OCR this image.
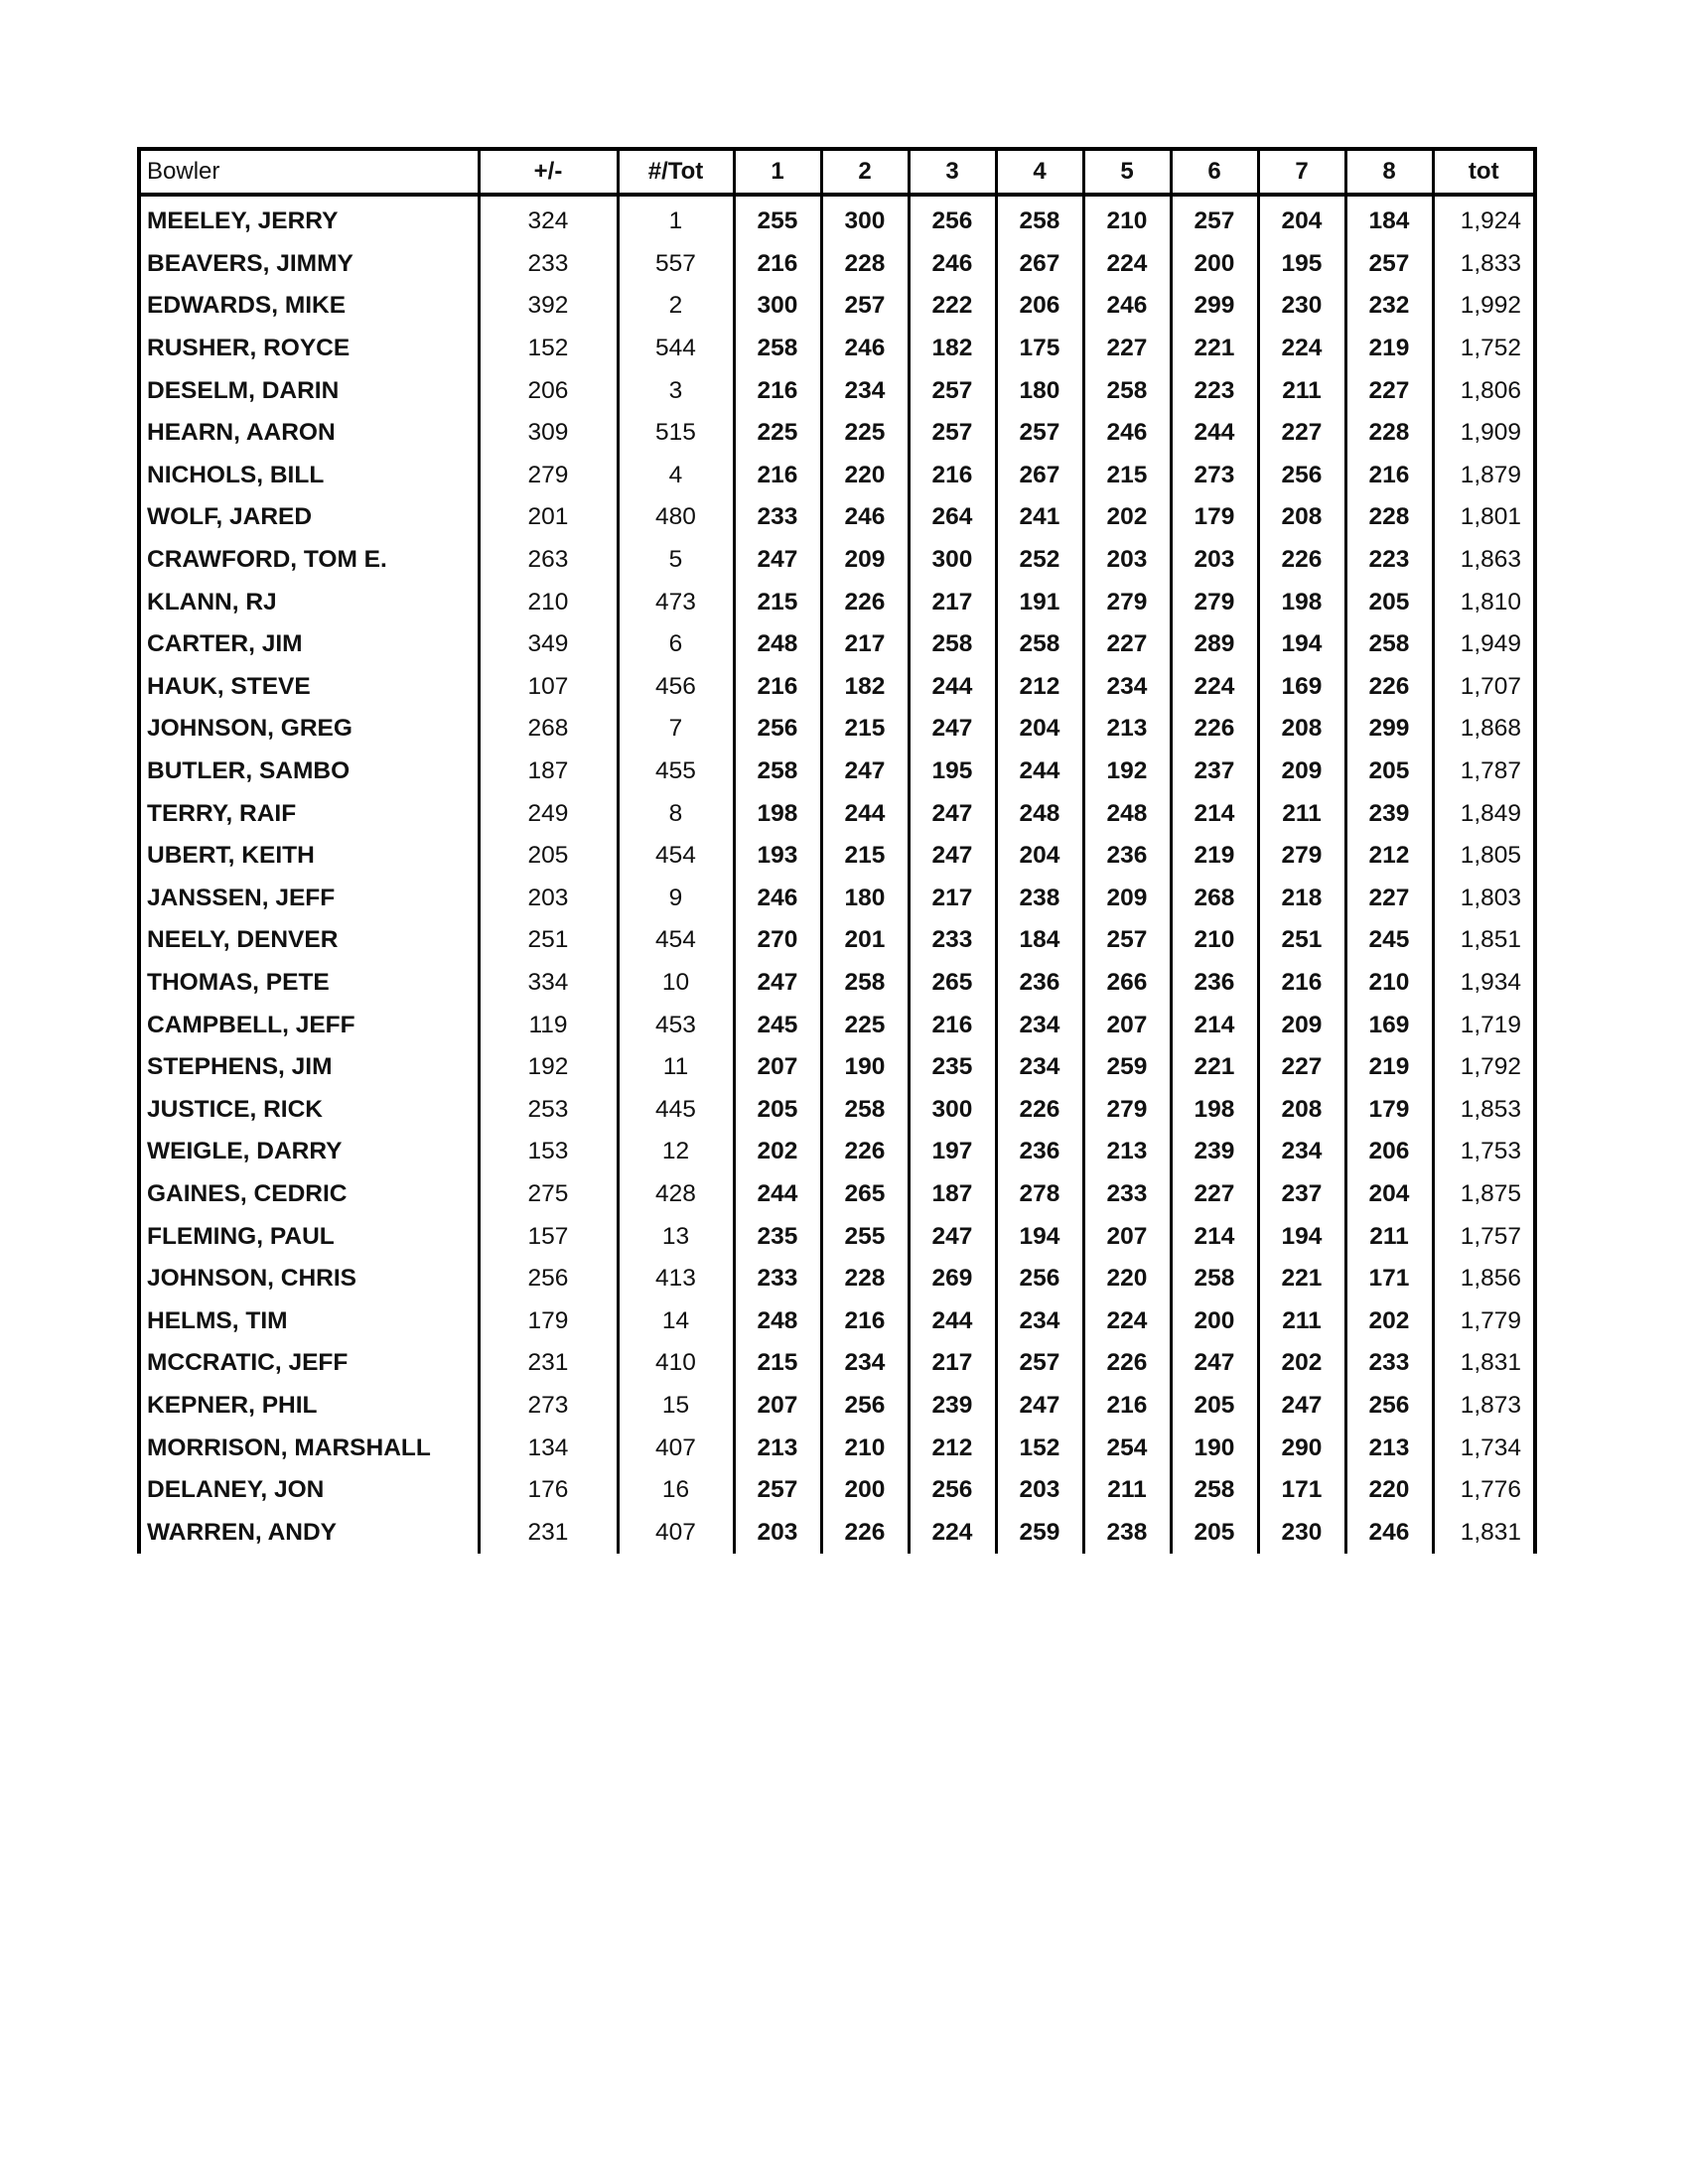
Bowler	+/-	#/Tot	1	2	3	4	5	6	7	8	tot
MEELEY, JERRY	324	1	255	300	256	258	210	257	204	184	1,924
BEAVERS, JIMMY	233	557	216	228	246	267	224	200	195	257	1,833
EDWARDS, MIKE	392	2	300	257	222	206	246	299	230	232	1,992
RUSHER, ROYCE	152	544	258	246	182	175	227	221	224	219	1,752
DESELM, DARIN	206	3	216	234	257	180	258	223	211	227	1,806
HEARN, AARON	309	515	225	225	257	257	246	244	227	228	1,909
NICHOLS, BILL	279	4	216	220	216	267	215	273	256	216	1,879
WOLF, JARED	201	480	233	246	264	241	202	179	208	228	1,801
CRAWFORD, TOM E.	263	5	247	209	300	252	203	203	226	223	1,863
KLANN, RJ	210	473	215	226	217	191	279	279	198	205	1,810
CARTER, JIM	349	6	248	217	258	258	227	289	194	258	1,949
HAUK, STEVE	107	456	216	182	244	212	234	224	169	226	1,707
JOHNSON, GREG	268	7	256	215	247	204	213	226	208	299	1,868
BUTLER, SAMBO	187	455	258	247	195	244	192	237	209	205	1,787
TERRY, RAIF	249	8	198	244	247	248	248	214	211	239	1,849
UBERT, KEITH	205	454	193	215	247	204	236	219	279	212	1,805
JANSSEN, JEFF	203	9	246	180	217	238	209	268	218	227	1,803
NEELY, DENVER	251	454	270	201	233	184	257	210	251	245	1,851
THOMAS, PETE	334	10	247	258	265	236	266	236	216	210	1,934
CAMPBELL, JEFF	119	453	245	225	216	234	207	214	209	169	1,719
STEPHENS, JIM	192	11	207	190	235	234	259	221	227	219	1,792
JUSTICE, RICK	253	445	205	258	300	226	279	198	208	179	1,853
WEIGLE, DARRY	153	12	202	226	197	236	213	239	234	206	1,753
GAINES, CEDRIC	275	428	244	265	187	278	233	227	237	204	1,875
FLEMING, PAUL	157	13	235	255	247	194	207	214	194	211	1,757
JOHNSON, CHRIS	256	413	233	228	269	256	220	258	221	171	1,856
HELMS, TIM	179	14	248	216	244	234	224	200	211	202	1,779
MCCRATIC, JEFF	231	410	215	234	217	257	226	247	202	233	1,831
KEPNER, PHIL	273	15	207	256	239	247	216	205	247	256	1,873
MORRISON, MARSHALL	134	407	213	210	212	152	254	190	290	213	1,734
DELANEY, JON	176	16	257	200	256	203	211	258	171	220	1,776
WARREN, ANDY	231	407	203	226	224	259	238	205	230	246	1,831
